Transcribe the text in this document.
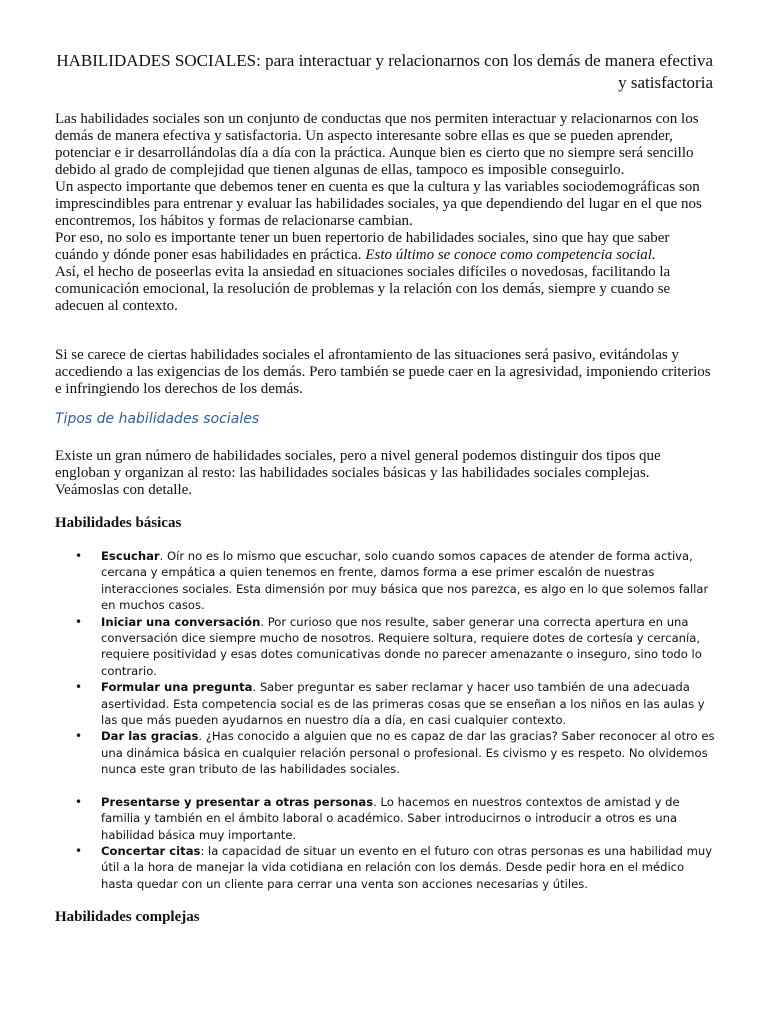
HABILIDADES SOCIALES: para interactuar y relacionarnos con los demás de manera efectiva y satisfactoria

Las habilidades sociales son un conjunto de conductas que nos permiten interactuar y relacionarnos con los demás de manera efectiva y satisfactoria. Un aspecto interesante sobre ellas es que se pueden aprender, potenciar e ir desarrollándolas día a día con la práctica. Aunque bien es cierto que no siempre será sencillo debido al grado de complejidad que tienen algunas de ellas, tampoco es imposible conseguirlo.

Un aspecto importante que debemos tener en cuenta es que la cultura y las variables sociodemográficas son imprescindibles para entrenar y evaluar las habilidades sociales, ya que dependiendo del lugar en el que nos encontremos, los hábitos y formas de relacionarse cambian.

Por eso, no solo es importante tener un buen repertorio de habilidades sociales, sino que hay que saber cuándo y dónde poner esas habilidades en práctica. Esto último se conoce como competencia social.

Así, el hecho de poseerlas evita la ansiedad en situaciones sociales difíciles o novedosas, facilitando la comunicación emocional, la resolución de problemas y la relación con los demás, siempre y cuando se adecuen al contexto.

Si se carece de ciertas habilidades sociales el afrontamiento de las situaciones será pasivo, evitándolas y accediendo a las exigencias de los demás. Pero también se puede caer en la agresividad, imponiendo criterios e infringiendo los derechos de los demás.

Tipos de habilidades sociales

Existe un gran número de habilidades sociales, pero a nivel general podemos distinguir dos tipos que engloban y organizan al resto: las habilidades sociales básicas y las habilidades sociales complejas. Veámoslas con detalle.

Habilidades básicas
• Escuchar. Oír no es lo mismo que escuchar, solo cuando somos capaces de atender de forma activa, cercana y empática a quien tenemos en frente, damos forma a ese primer escalón de nuestras interacciones sociales. Esta dimensión por muy básica que nos parezca, es algo en lo que solemos fallar en muchos casos.
• Iniciar una conversación. Por curioso que nos resulte, saber generar una correcta apertura en una conversación dice siempre mucho de nosotros. Requiere soltura, requiere dotes de cortesía y cercanía, requiere positividad y esas dotes comunicativas donde no parecer amenazante o inseguro, sino todo lo contrario.
• Formular una pregunta. Saber preguntar es saber reclamar y hacer uso también de una adecuada asertividad. Esta competencia social es de las primeras cosas que se enseñan a los niños en las aulas y las que más pueden ayudarnos en nuestro día a día, en casi cualquier contexto.
• Dar las gracias. ¿Has conocido a alguien que no es capaz de dar las gracias? Saber reconocer al otro es una dinámica básica en cualquier relación personal o profesional. Es civismo y es respeto. No olvidemos nunca este gran tributo de las habilidades sociales.
• Presentarse y presentar a otras personas. Lo hacemos en nuestros contextos de amistad y de familia y también en el ámbito laboral o académico. Saber introducirnos o introducir a otros es una habilidad básica muy importante.
• Concertar citas: la capacidad de situar un evento en el futuro con otras personas es una habilidad muy útil a la hora de manejar la vida cotidiana en relación con los demás. Desde pedir hora en el médico hasta quedar con un cliente para cerrar una venta son acciones necesarias y útiles.
Habilidades complejas
